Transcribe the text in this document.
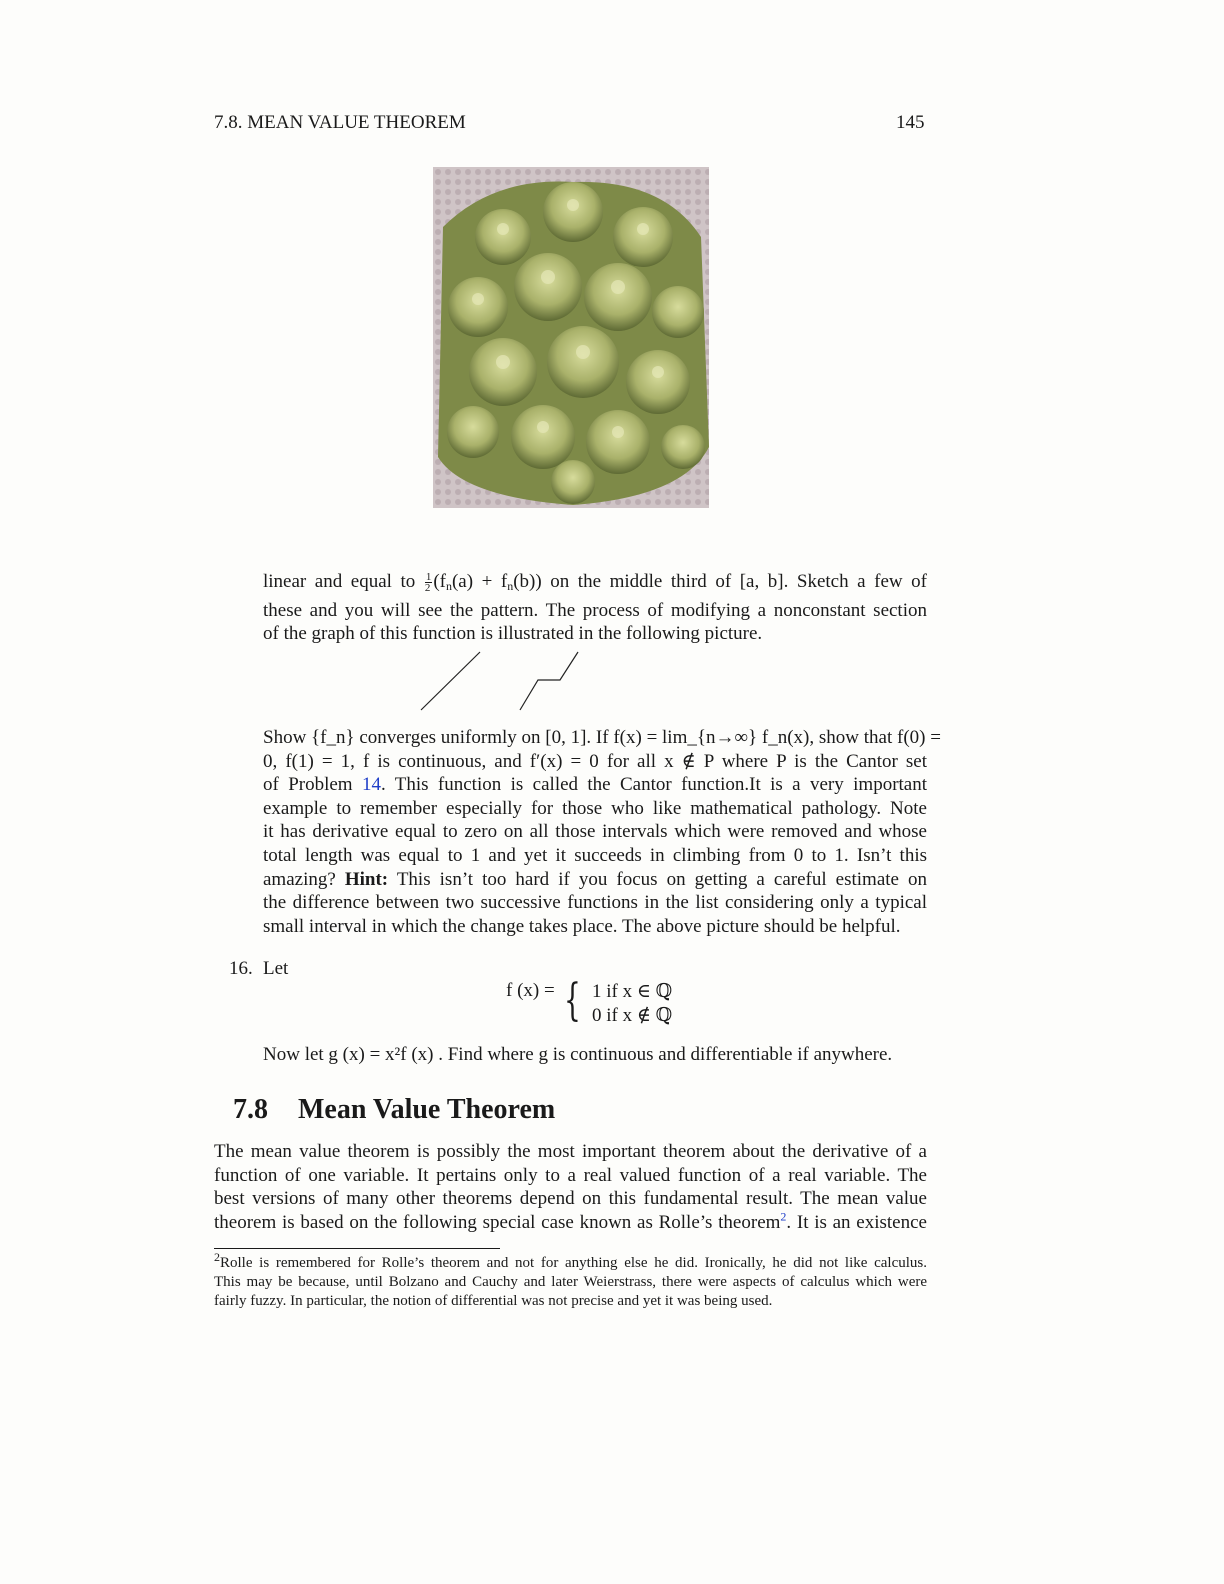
7.8. MEAN VALUE THEOREM	145
linear and equal to $\frac{1}{2} (f_n(a) + f_n(b))$ on the middle third of [a, b]. Sketch a few of
these and you will see the pattern. The process of modifying a nonconstant section
of the graph of this function is illustrated in the following picture.
Show {f_n} converges uniformly on [0, 1]. If f(x) = lim_{n→∞} f_n(x), show that f(0) =
0, f(1) = 1, f is continuous, and f′(x) = 0 for all x ∉ P where P is the Cantor set
of Problem 14. This function is called the Cantor function.It is a very important
example to remember especially for those who like mathematical pathology. Note
it has derivative equal to zero on all those intervals which were removed and whose
total length was equal to 1 and yet it succeeds in climbing from 0 to 1. Isn’t this
amazing? Hint: This isn’t too hard if you focus on getting a careful estimate on
the difference between two successive functions in the list considering only a typical
small interval in which the change takes place. The above picture should be helpful.
16. Let
f (x) = { 1 if x ∈ ℚ
0 if x ∉ ℚ
Now let g (x) = x²f (x) . Find where g is continuous and differentiable if anywhere.
7.8 Mean Value Theorem
The mean value theorem is possibly the most important theorem about the derivative of a
function of one variable. It pertains only to a real valued function of a real variable. The
best versions of many other theorems depend on this fundamental result. The mean value
theorem is based on the following special case known as Rolle’s theorem$^2$. It is an existence
$^2$Rolle is remembered for Rolle’s theorem and not for anything else he did. Ironically, he did not like calculus.
This may be because, until Bolzano and Cauchy and later Weierstrass, there were aspects of calculus which were
fairly fuzzy. In particular, the notion of differential was not precise and yet it was being used.
